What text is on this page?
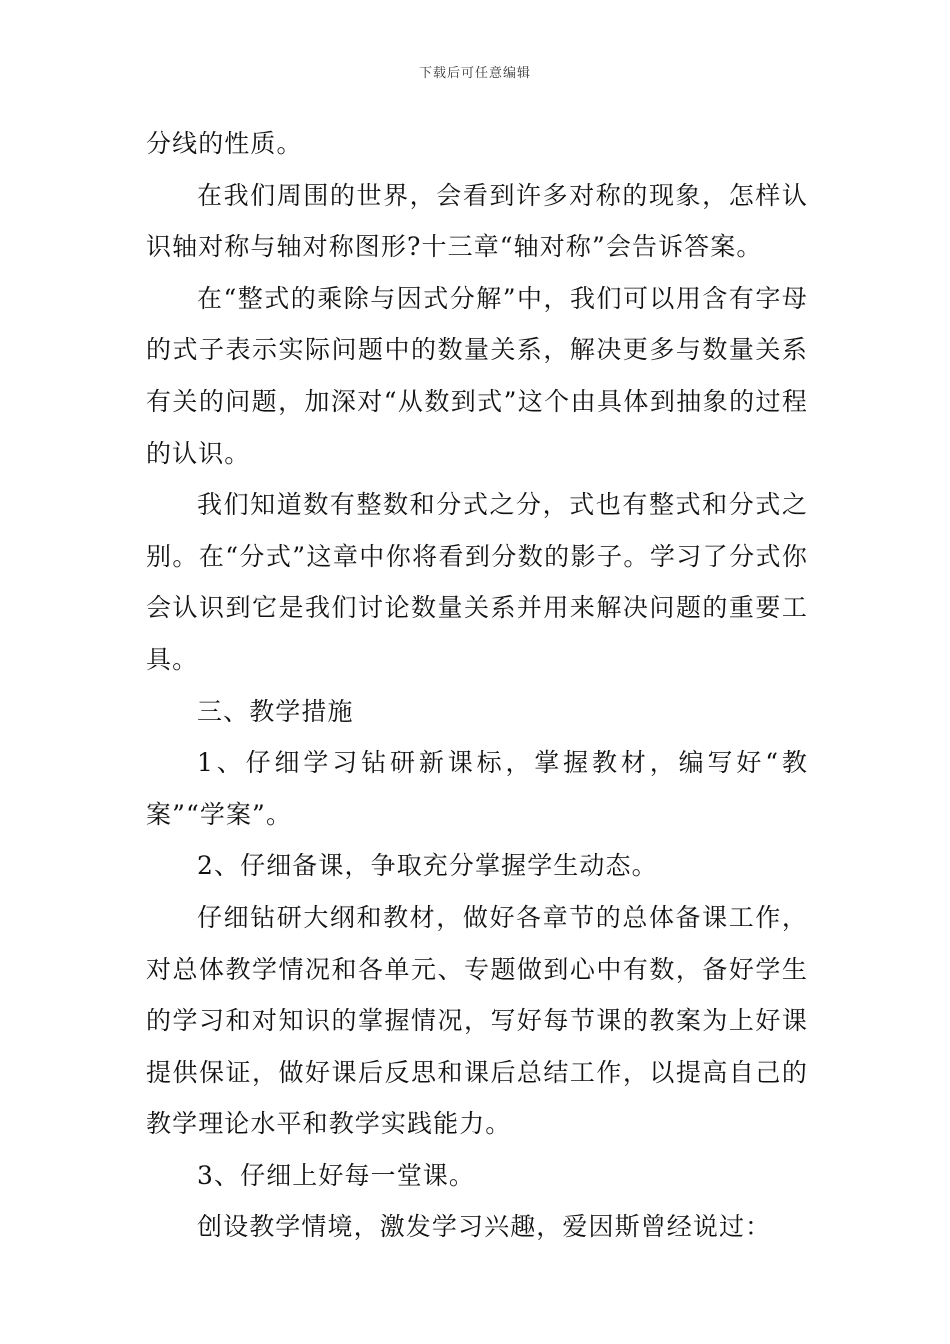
下载后可任意编辑

分线的性质。

在我们周围的世界，会看到许多对称的现象，怎样认识轴对称与轴对称图形?十三章“轴对称”会告诉答案。

在“整式的乘除与因式分解”中，我们可以用含有字母的式子表示实际问题中的数量关系，解决更多与数量关系有关的问题，加深对“从数到式”这个由具体到抽象的过程的认识。

我们知道数有整数和分式之分，式也有整式和分式之别。在“分式”这章中你将看到分数的影子。学习了分式你会认识到它是我们讨论数量关系并用来解决问题的重要工具。

三、教学措施

1、仔细学习钻研新课标，掌握教材，编写好“教案”“学案”。

2、仔细备课，争取充分掌握学生动态。

仔细钻研大纲和教材，做好各章节的总体备课工作，对总体教学情况和各单元、专题做到心中有数，备好学生的学习和对知识的掌握情况，写好每节课的教案为上好课提供保证，做好课后反思和课后总结工作，以提高自己的教学理论水平和教学实践能力。

3、仔细上好每一堂课。

创设教学情境，激发学习兴趣，爱因斯曾经说过：
